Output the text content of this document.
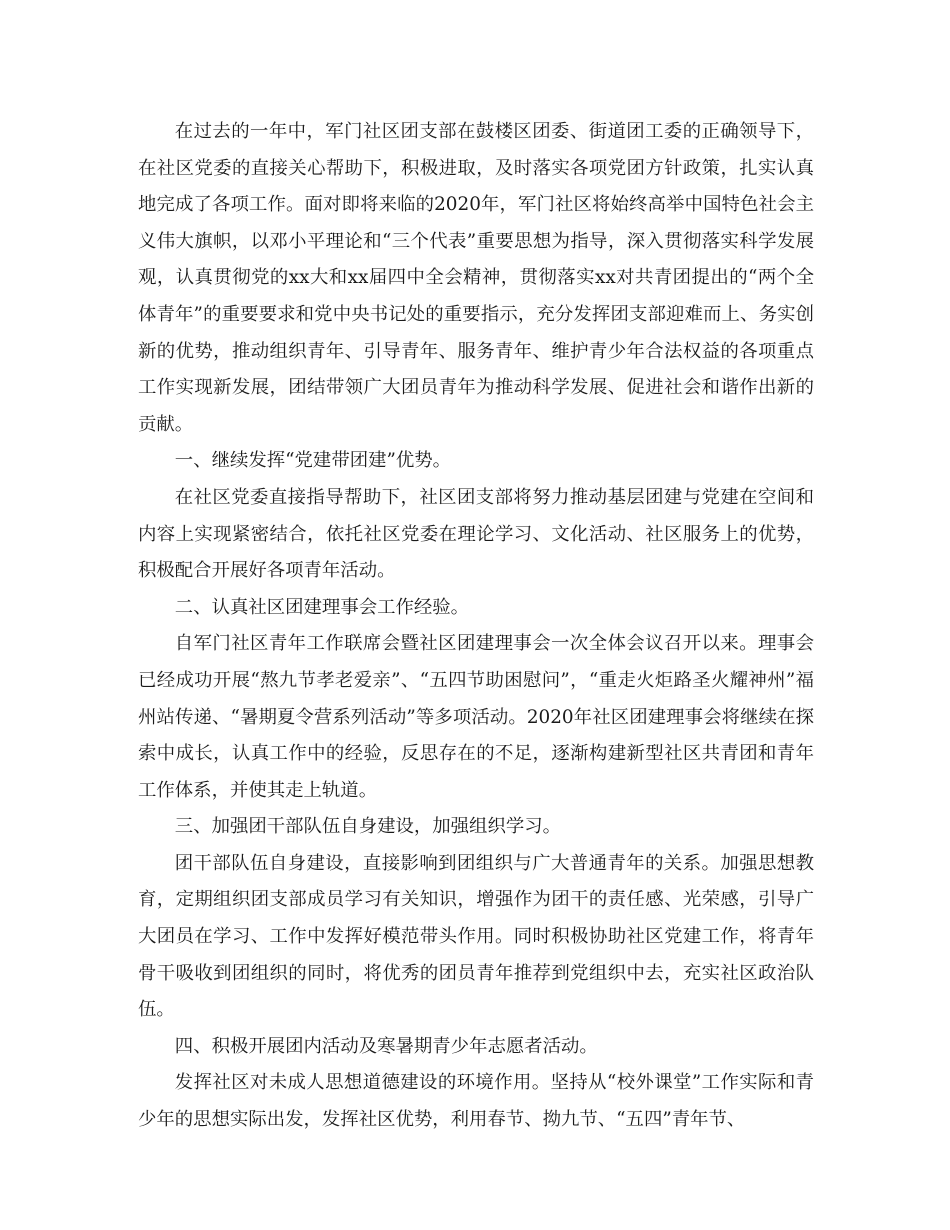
在过去的一年中，军门社区团支部在鼓楼区团委、街道团工委的正确领导下，在社区党委的直接关心帮助下，积极进取，及时落实各项党团方针政策，扎实认真地完成了各项工作。面对即将来临的2020年，军门社区将始终高举中国特色社会主义伟大旗帜，以邓小平理论和“三个代表”重要思想为指导，深入贯彻落实科学发展观，认真贯彻党的xx大和xx届四中全会精神，贯彻落实xx对共青团提出的“两个全体青年”的重要要求和党中央书记处的重要指示，充分发挥团支部迎难而上、务实创新的优势，推动组织青年、引导青年、服务青年、维护青少年合法权益的各项重点工作实现新发展，团结带领广大团员青年为推动科学发展、促进社会和谐作出新的贡献。

一、继续发挥“党建带团建”优势。

在社区党委直接指导帮助下，社区团支部将努力推动基层团建与党建在空间和内容上实现紧密结合，依托社区党委在理论学习、文化活动、社区服务上的优势，积极配合开展好各项青年活动。

二、认真社区团建理事会工作经验。

自军门社区青年工作联席会暨社区团建理事会一次全体会议召开以来。理事会已经成功开展“熬九节孝老爱亲”、“五四节助困慰问”，“重走火炬路圣火耀神州”福州站传递、“暑期夏令营系列活动”等多项活动。2020年社区团建理事会将继续在探索中成长，认真工作中的经验，反思存在的不足，逐渐构建新型社区共青团和青年工作体系，并使其走上轨道。

三、加强团干部队伍自身建设，加强组织学习。

团干部队伍自身建设，直接影响到团组织与广大普通青年的关系。加强思想教育，定期组织团支部成员学习有关知识，增强作为团干的责任感、光荣感，引导广大团员在学习、工作中发挥好模范带头作用。同时积极协助社区党建工作，将青年骨干吸收到团组织的同时，将优秀的团员青年推荐到党组织中去，充实社区政治队伍。

四、积极开展团内活动及寒暑期青少年志愿者活动。

发挥社区对未成人思想道德建设的环境作用。坚持从“校外课堂”工作实际和青少年的思想实际出发，发挥社区优势，利用春节、拗九节、“五四”青年节、
